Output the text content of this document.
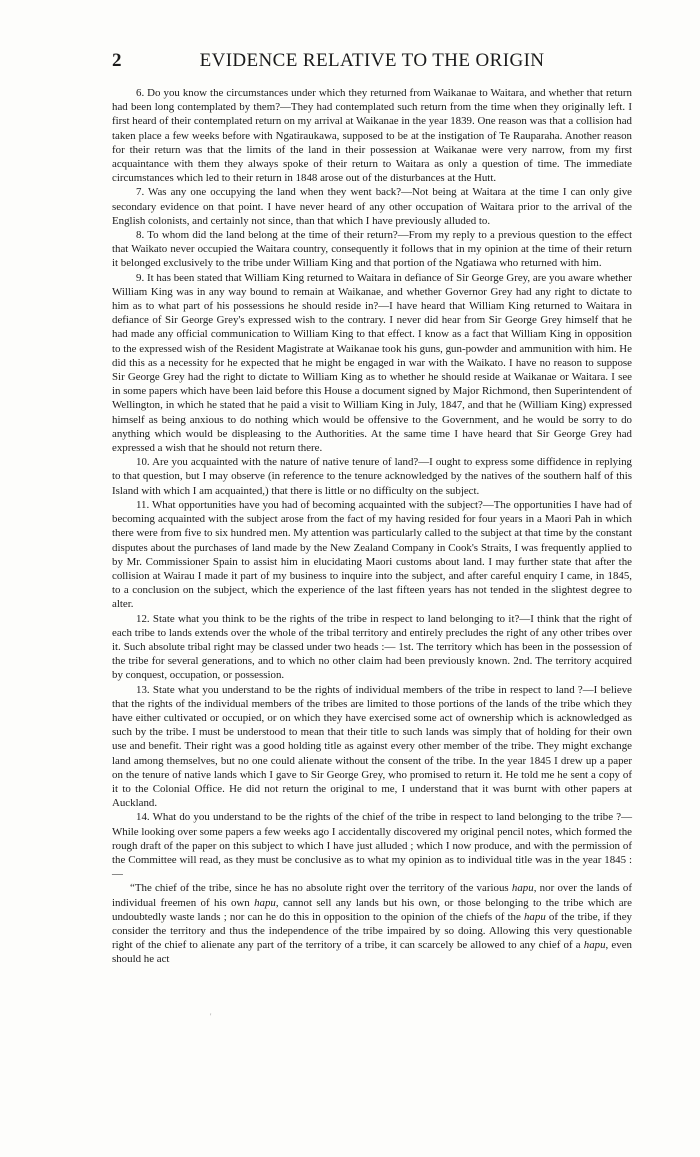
2	EVIDENCE RELATIVE TO THE ORIGIN

6. Do you know the circumstances under which they returned from Waikanae to Waitara, and whether that return had been long contemplated by them?—They had contemplated such return from the time when they originally left. I first heard of their contemplated return on my arrival at Waikanae in the year 1839. One reason was that a collision had taken place a few weeks before with Ngatiraukawa, supposed to be at the instigation of Te Rauparaha. Another reason for their return was that the limits of the land in their possession at Waikanae were very narrow, from my first acquaintance with them they always spoke of their return to Waitara as only a question of time. The immediate circumstances which led to their return in 1848 arose out of the disturbances at the Hutt.

7. Was any one occupying the land when they went back?—Not being at Waitara at the time I can only give secondary evidence on that point. I have never heard of any other occupation of Waitara prior to the arrival of the English colonists, and certainly not since, than that which I have previously alluded to.

8. To whom did the land belong at the time of their return?—From my reply to a previous question to the effect that Waikato never occupied the Waitara country, consequently it follows that in my opinion at the time of their return it belonged exclusively to the tribe under William King and that portion of the Ngatiawa who returned with him.

9. It has been stated that William King returned to Waitara in defiance of Sir George Grey, are you aware whether William King was in any way bound to remain at Waikanae, and whether Governor Grey had any right to dictate to him as to what part of his possessions he should reside in?—I have heard that William King returned to Waitara in defiance of Sir George Grey's expressed wish to the contrary. I never did hear from Sir George Grey himself that he had made any official communication to William King to that effect. I know as a fact that William King in opposition to the expressed wish of the Resident Magistrate at Waikanae took his guns, gun-powder and ammunition with him. He did this as a necessity for he expected that he might be engaged in war with the Waikato. I have no reason to suppose Sir George Grey had the right to dictate to William King as to whether he should reside at Waikanae or Waitara. I see in some papers which have been laid before this House a document signed by Major Richmond, then Superintendent of Wellington, in which he stated that he paid a visit to William King in July, 1847, and that he (William King) expressed himself as being anxious to do nothing which would be offensive to the Government, and he would be sorry to do anything which would be displeasing to the Authorities. At the same time I have heard that Sir George Grey had expressed a wish that he should not return there.

10. Are you acquainted with the nature of native tenure of land?—I ought to express some diffidence in replying to that question, but I may observe (in reference to the tenure acknowledged by the natives of the southern half of this Island with which I am acquainted,) that there is little or no difficulty on the subject.

11. What opportunities have you had of becoming acquainted with the subject?—The opportunities I have had of becoming acquainted with the subject arose from the fact of my having resided for four years in a Maori Pah in which there were from five to six hundred men. My attention was particularly called to the subject at that time by the constant disputes about the purchases of land made by the New Zealand Company in Cook's Straits, I was frequently applied to by Mr. Commissioner Spain to assist him in elucidating Maori customs about land. I may further state that after the collision at Wairau I made it part of my business to inquire into the subject, and after careful enquiry I came, in 1845, to a conclusion on the subject, which the experience of the last fifteen years has not tended in the slightest degree to alter.

12. State what you think to be the rights of the tribe in respect to land belonging to it?—I think that the right of each tribe to lands extends over the whole of the tribal territory and entirely precludes the right of any other tribes over it. Such absolute tribal right may be classed under two heads :— 1st. The territory which has been in the possession of the tribe for several generations, and to which no other claim had been previously known. 2nd. The territory acquired by conquest, occupation, or possession.

13. State what you understand to be the rights of individual members of the tribe in respect to land ?—I believe that the rights of the individual members of the tribes are limited to those portions of the lands of the tribe which they have either cultivated or occupied, or on which they have exercised some act of ownership which is acknowledged as such by the tribe. I must be understood to mean that their title to such lands was simply that of holding for their own use and benefit. Their right was a good holding title as against every other member of the tribe. They might exchange land among themselves, but no one could alienate without the consent of the tribe. In the year 1845 I drew up a paper on the tenure of native lands which I gave to Sir George Grey, who promised to return it. He told me he sent a copy of it to the Colonial Office. He did not return the original to me, I understand that it was burnt with other papers at Auckland.

14. What do you understand to be the rights of the chief of the tribe in respect to land belonging to the tribe ?—While looking over some papers a few weeks ago I accidentally discovered my original pencil notes, which formed the rough draft of the paper on this subject to which I have just alluded ; which I now produce, and with the permission of the Committee will read, as they must be conclusive as to what my opinion as to individual title was in the year 1845 :—

“The chief of the tribe, since he has no absolute right over the territory of the various hapu, nor over the lands of individual freemen of his own hapu, cannot sell any lands but his own, or those belonging to the tribe which are undoubtedly waste lands ; nor can he do this in opposition to the opinion of the chiefs of the hapu of the tribe, if they consider the territory and thus the independence of the tribe impaired by so doing. Allowing this very questionable right of the chief to alienate any part of the territory of a tribe, it can scarcely be allowed to any chief of a hapu, even should he act

'
